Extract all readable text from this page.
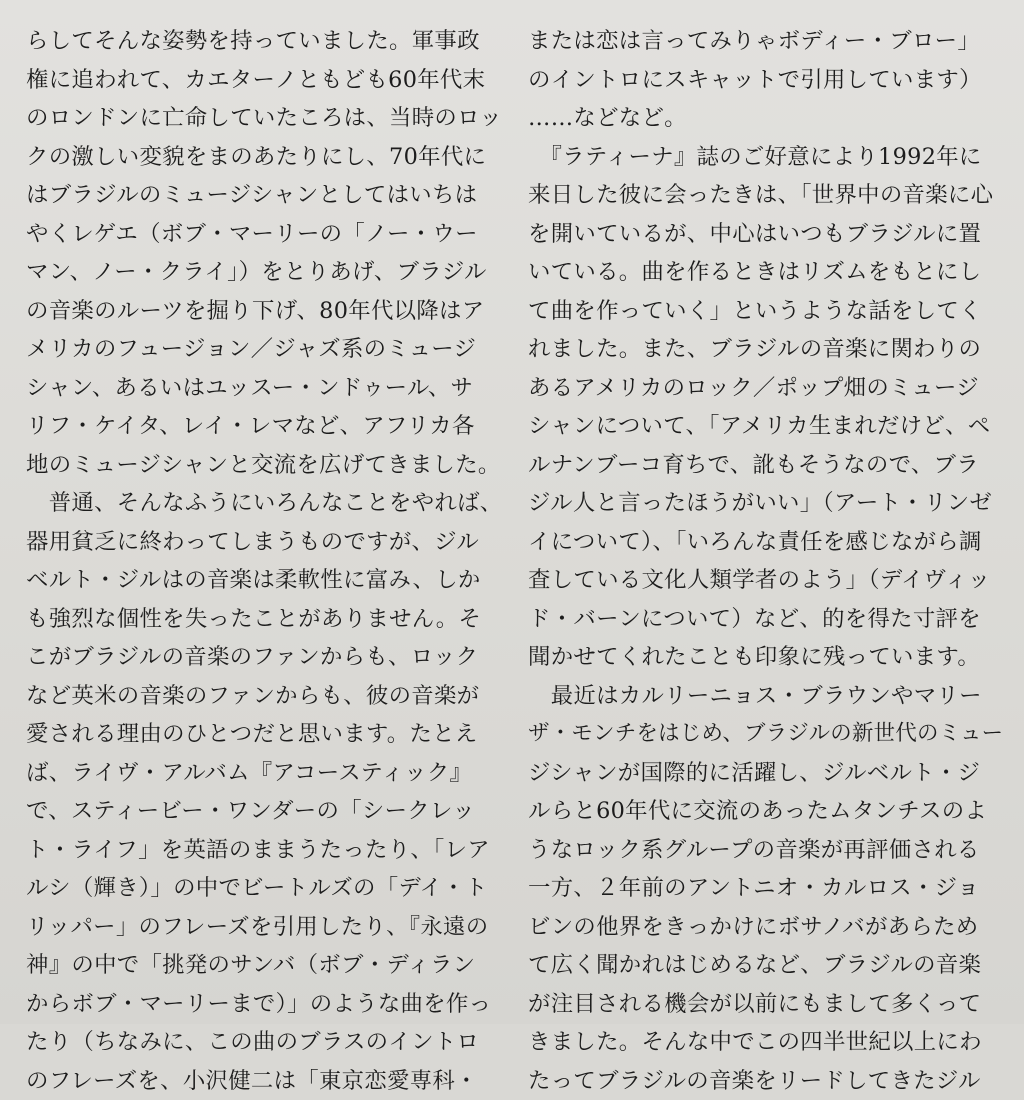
らしてそんな姿勢を持っていました。軍事政
権に追われて、カエターノともども60年代末
のロンドンに亡命していたころは、当時のロッ
クの激しい変貌をまのあたりにし、70年代に
はブラジルのミュージシャンとしてはいちは
やくレゲエ（ボブ・マーリーの「ノー・ウー
マン、ノー・クライ」）をとりあげ、ブラジル
の音楽のルーツを掘り下げ、80年代以降はア
メリカのフュージョン／ジャズ系のミュージ
シャン、あるいはユッスー・ンドゥール、サ
リフ・ケイタ、レイ・レマなど、アフリカ各
地のミュージシャンと交流を広げてきました。
　普通、そんなふうにいろんなことをやれば、
器用貧乏に終わってしまうものですが、ジル
ベルト・ジルはの音楽は柔軟性に富み、しか
も強烈な個性を失ったことがありません。そ
こがブラジルの音楽のファンからも、ロック
など英米の音楽のファンからも、彼の音楽が
愛される理由のひとつだと思います。たとえ
ば、ライヴ・アルバム『アコースティック』
で、スティービー・ワンダーの「シークレッ
ト・ライフ」を英語のままうたったり、「レア
ルシ（輝き）」の中でビートルズの「デイ・ト
リッパー」のフレーズを引用したり、『永遠の
神』の中で「挑発のサンバ（ボブ・ディラン
からボブ・マーリーまで）」のような曲を作っ
たり（ちなみに、この曲のブラスのイントロ
のフレーズを、小沢健二は「東京恋愛専科・
または恋は言ってみりゃボディー・ブロー」
のイントロにスキャットで引用しています）
……などなど。
　『ラティーナ』誌のご好意により1992年に
来日した彼に会ったきは、「世界中の音楽に心
を開いているが、中心はいつもブラジルに置
いている。曲を作るときはリズムをもとにし
て曲を作っていく」というような話をしてく
れました。また、ブラジルの音楽に関わりの
あるアメリカのロック／ポップ畑のミュージ
シャンについて、「アメリカ生まれだけど、ペ
ルナンブーコ育ちで、訛もそうなので、ブラ
ジル人と言ったほうがいい」（アート・リンゼ
イについて）、「いろんな責任を感じながら調
査している文化人類学者のよう」（デイヴィッ
ド・バーンについて）など、的を得た寸評を
聞かせてくれたことも印象に残っています。
　最近はカルリーニョス・ブラウンやマリー
ザ・モンチをはじめ、ブラジルの新世代のミュー
ジシャンが国際的に活躍し、ジルベルト・ジ
ルらと60年代に交流のあったムタンチスのよ
うなロック系グループの音楽が再評価される
一方、２年前のアントニオ・カルロス・ジョ
ビンの他界をきっかけにボサノバがあらため
て広く聞かれはじめるなど、ブラジルの音楽
が注目される機会が以前にもまして多くって
きました。そんな中でこの四半世紀以上にわ
たってブラジルの音楽をリードしてきたジル
